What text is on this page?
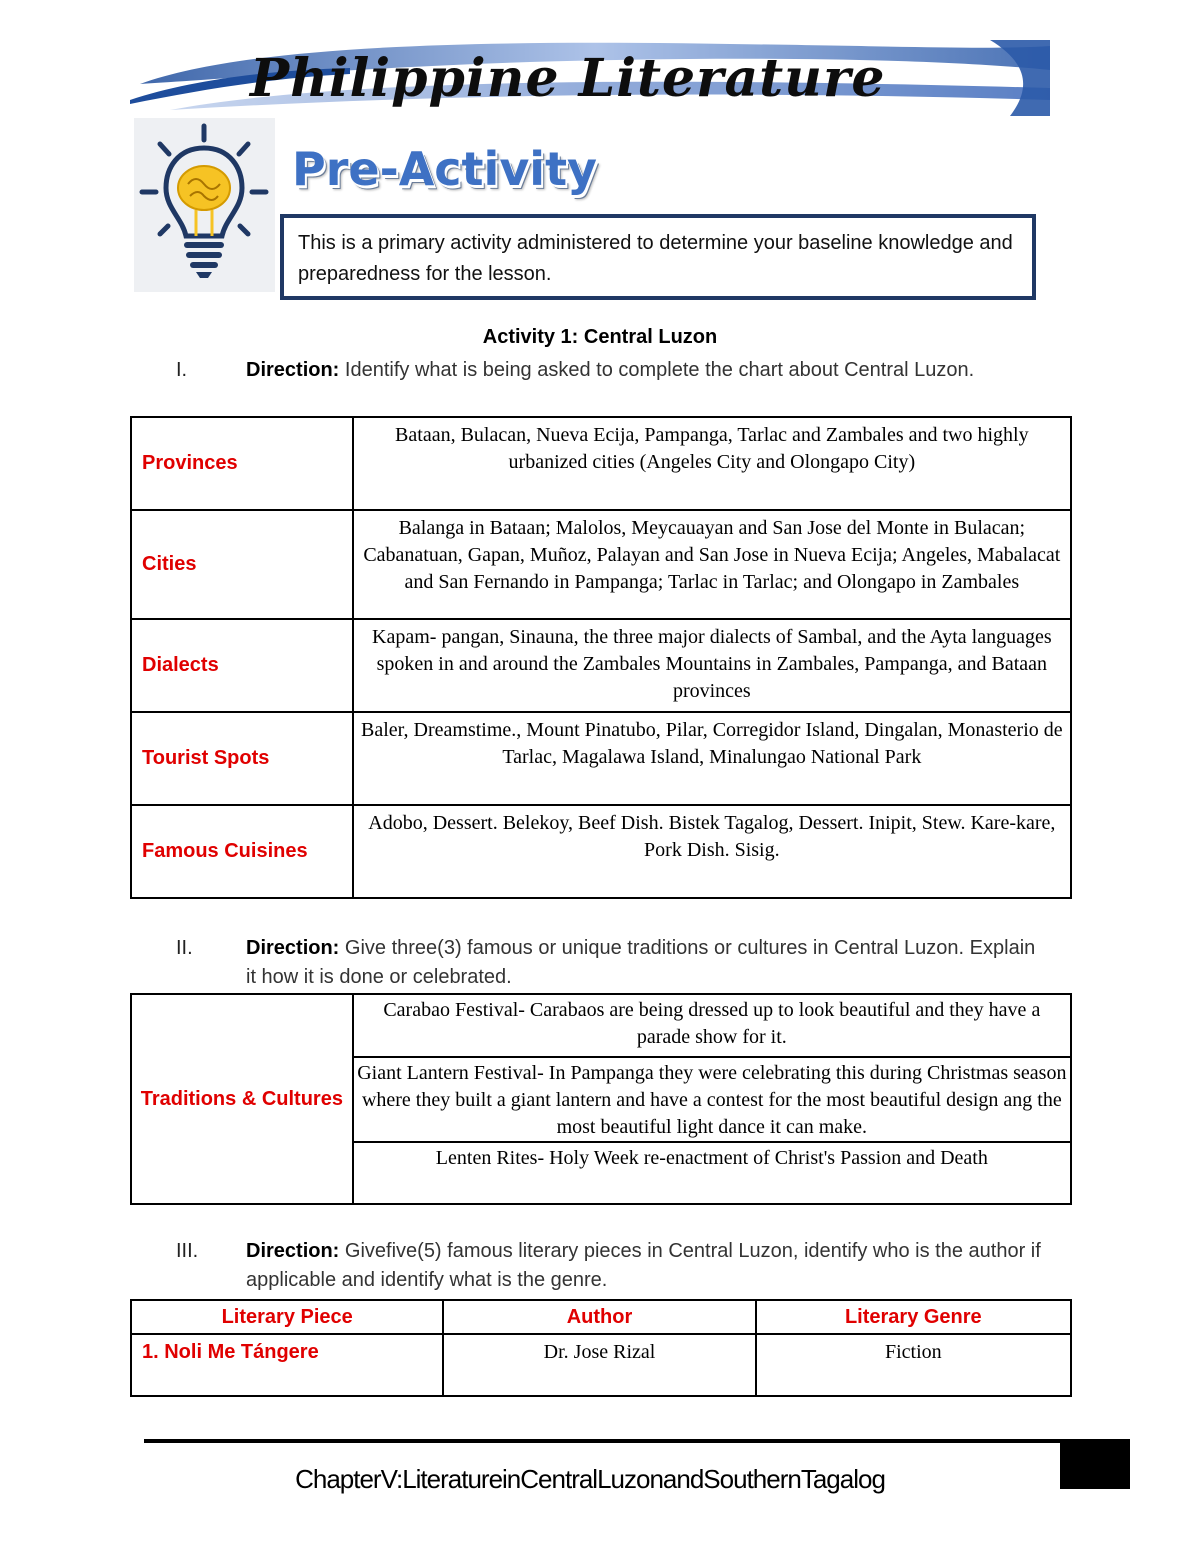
Philippine Literature
Pre-Activity
This is a primary activity administered to determine your baseline knowledge and preparedness for the lesson.
Activity 1: Central Luzon
I.	Direction: Identify what is being asked to complete the chart about Central Luzon.
Provinces	Bataan, Bulacan, Nueva Ecija, Pampanga, Tarlac and Zambales and two highly urbanized cities (Angeles City and Olongapo City)
Cities	Balanga in Bataan; Malolos, Meycauayan and San Jose del Monte in Bulacan; Cabanatuan, Gapan, Muñoz, Palayan and San Jose in Nueva Ecija; Angeles, Mabalacat and San Fernando in Pampanga; Tarlac in Tarlac; and Olongapo in Zambales
Dialects	Kapam- pangan, Sinauna, the three major dialects of Sambal, and the Ayta languages spoken in and around the Zambales Mountains in Zambales, Pampanga, and Bataan provinces
Tourist Spots	Baler, Dreamstime., Mount Pinatubo, Pilar, Corregidor Island, Dingalan, Monasterio de Tarlac, Magalawa Island, Minalungao National Park
Famous Cuisines	Adobo, Dessert. Belekoy, Beef Dish. Bistek Tagalog, Dessert. Inipit, Stew. Kare-kare, Pork Dish. Sisig.
II.	Direction: Give three(3) famous or unique traditions or cultures in Central Luzon. Explain it how it is done or celebrated.
Traditions & Cultures	Carabao Festival- Carabaos are being dressed up to look beautiful and they have a parade show for it.
Giant Lantern Festival- In Pampanga they were celebrating this during Christmas season where they built a giant lantern and have a contest for the most beautiful design ang the most beautiful light dance it can make.
Lenten Rites- Holy Week re-enactment of Christ's Passion and Death
III. Direction: Givefive(5) famous literary pieces in Central Luzon, identify who is the author if applicable and identify what is the genre.
Literary Piece	Author	Literary Genre
1. Noli Me Tángere	Dr. Jose Rizal	Fiction
ChapterV:LiteratureinCentralLuzonandSouthernTagalog
